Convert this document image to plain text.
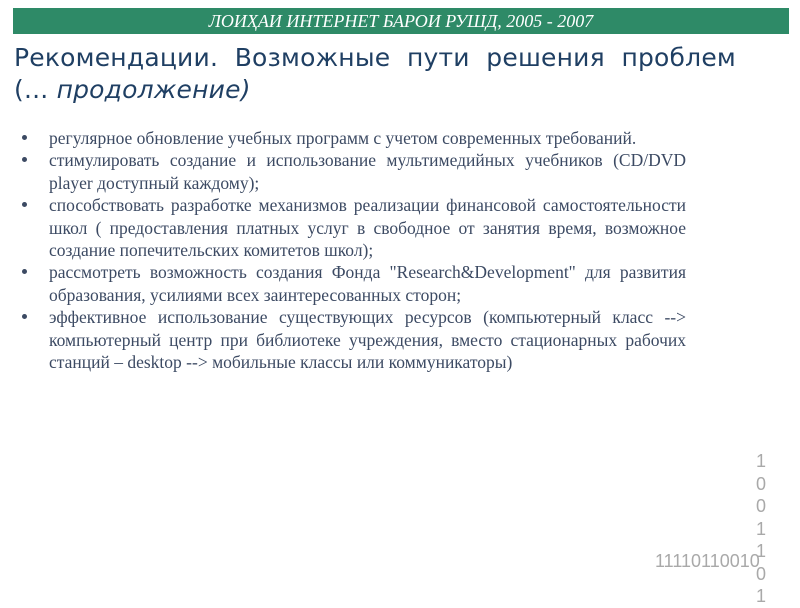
ЛОИҲАИ ИНТЕРНЕТ БАРОИ РУШД, 2005 - 2007
Рекомендации. Возможные пути решения проблем (... продолжение)
регулярное обновление учебных программ с учетом современных требований.
стимулировать создание и использование мультимедийных учебников (CD/DVD player доступный каждому);
способствовать разработке механизмов реализации финансовой самостоятельности школ ( предоставления платных услуг в свободное от занятия время, возможное создание попечительских комитетов школ);
рассмотреть возможность создания Фонда "Research&Development" для развития образования, усилиями всех заинтересованных сторон;
эффективное использование существующих ресурсов (компьютерный класс --> компьютерный центр при библиотеке учреждения, вместо стационарных рабочих станций – desktop --> мобильные классы или коммуникаторы)
1
0
0
1
1
0
1
11110110010
